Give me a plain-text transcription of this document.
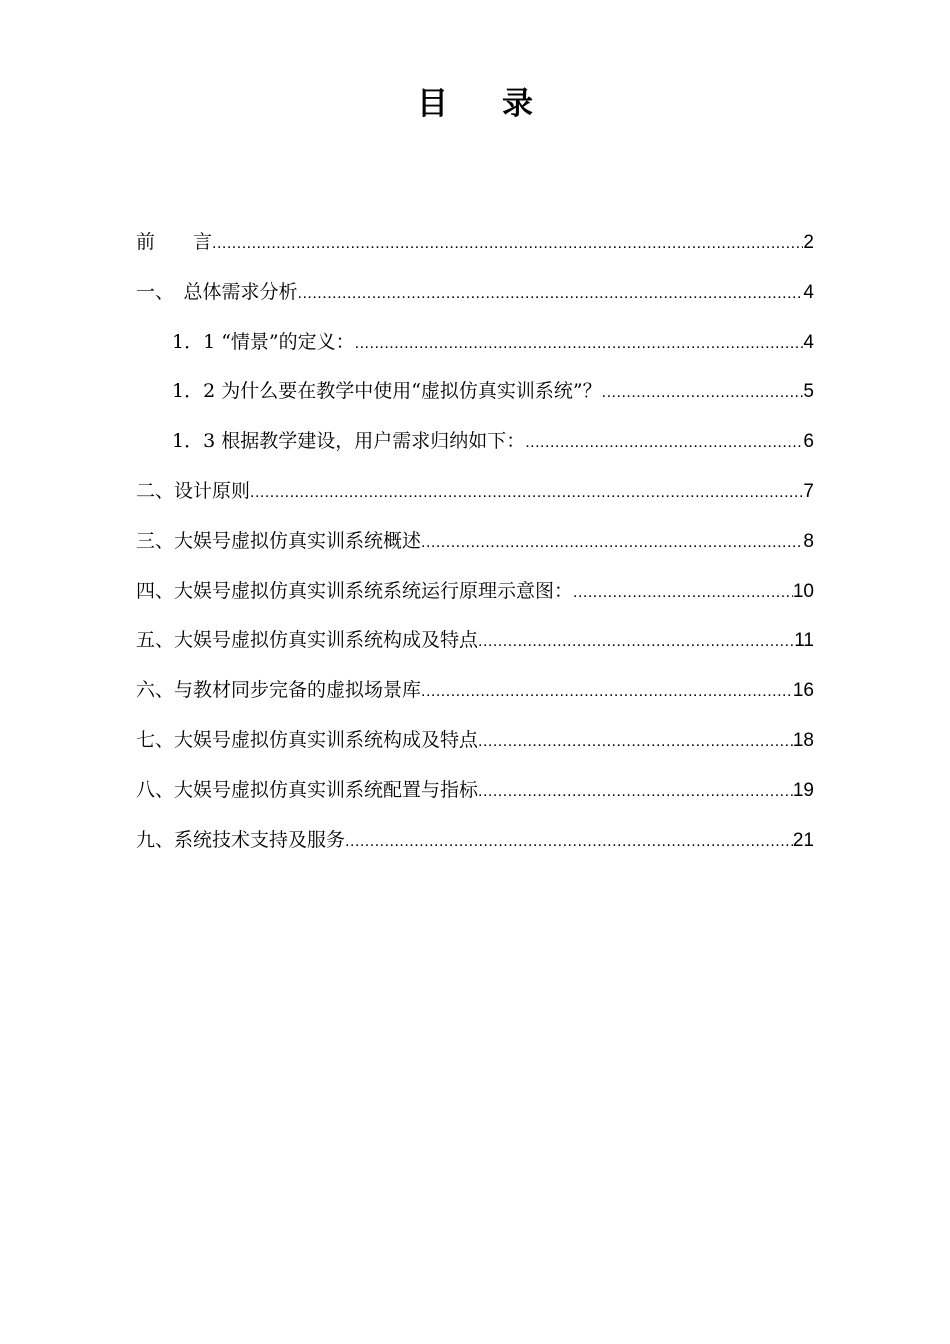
目 录
前　　言 .....	2
一、　总体需求分析 .....	4
1．1 “情景”的定义： .....	4
1．2 为什么要在教学中使用“虚拟仿真实训系统”？ .....	5
1．3 根据教学建设，用户需求归纳如下： .....	6
二、设计原则 .....	7
三、大娱号虚拟仿真实训系统概述 .....	8
四、大娱号虚拟仿真实训系统系统运行原理示意图： .....	10
五、大娱号虚拟仿真实训系统构成及特点 .....	11
六、与教材同步完备的虚拟场景库 .....	16
七、大娱号虚拟仿真实训系统构成及特点 .....	18
八、大娱号虚拟仿真实训系统配置与指标 .....	19
九、系统技术支持及服务 .....	21
